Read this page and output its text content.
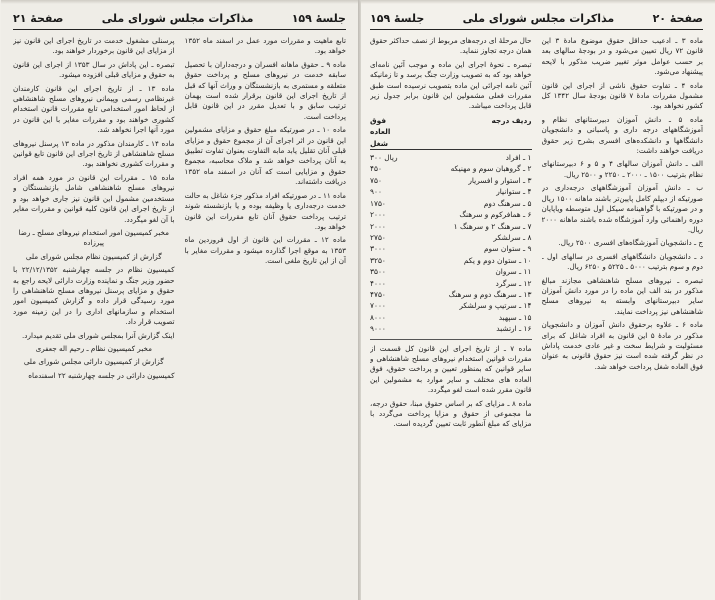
صفحهٔ ۲۰
مذاکرات مجلس شورای ملی
جلسهٔ ۱۵۹

ماده ۳ ـ ادعیب حداقل حقوق موضوع مادهٔ ۳ این قانون ۷۲ ریال تعیین می‌شود و در بودجهٔ سالهای بعد بر حسب عوامل موثر تغییر ضریب مذکور با لایحه پیشنهاد می‌شود.

ماده ۴ ـ تفاوت حقوق ناشی از اجرای این قانون مشمول مقررات مادهٔ ۷ قانون بودجهٔ سال ۱۳۴۲ کل کشور نخواهد بود.

ماده ۵ ـ دانش آموزان دبیرستانهای نظام و آموزشگاههای درجه داری و پاسبانی و دانشجویان دانشگاهها و دانشکده‌های افسری بشرح زیر حقوق دریافت خواهند داشت:

الف ـ دانش آموزان سالهای ۴ و ۵ و ۶ دبیرستانهای نظام بترتیب ۱۵۰۰ ـ ۲۰۰۰ ـ ۲۲۵۰ و ۲۵۰۰ ریال.

ب ـ دانش آموزان آموزشگاههای درجه‌داری در صورتیکه از دیپلم کامل پایین‌تر باشند ماهانه ۱۵۰۰ ریال و در صورتیکه با گواهینامه سیکل اول متوسطه ویاپایان دوره راهنمائی وارد آموزشگاه شده باشند ماهانه ۲۰۰۰ ریال.

ج ـ دانشجویان آموزشگاه‌های افسری ۲۵۰۰ ریال.

د ـ دانشجویان دانشگاههای افسری در سالهای اول ـ دوم و سوم بترتیب ۵۰۰۰ ـ ۵۲۲۵ و ۶۲۵۰ ریال.

تبصره ـ نیروهای مسلح شاهنشاهی مجازند مبالغ مذکور در بند الف این ماده را در مورد دانش آموزان سایر دبیرستانهای وابسته به نیروهای مسلح شاهنشاهی نیز پرداخت نمایند.

ماده ۶ ـ علاوه برحقوق دانش آموزان و دانشجویان مذکور در مادهٔ ۵ این قانون به افراد شاغل که برای مسئولیت و شرایط سخت و غیر عادی خدمت پاداش در نظر گرفته شده است نیز حقوق قانونی به عنوان فوق العاده شغل پرداخت خواهد شد.

حال مرحلهٔ ای درجه‌های مربوط از نصف حداکثر حقوق همان درجه تجاوز ننماید.

تبصره ـ نحوهٔ اجرای این ماده و موجب آئین نامه‌ای خواهد بود که به تصویب وزارت جنگ برسد و تا زمانیکه آئین نامه اجرائی این ماده بتصویب نرسیده است طبق مقررات فعلی مشمولین این قانون برابر جدول زیر قابل پرداخت میباشد.

ردیف درجه
فوق العاده شغل
۱ ـ افراد
۳۰۰ ریال
۲ ـ گروهبان سوم و مهنیکه
۴۵۰
۳ ـ استوار و افسریار
۷۵۰
۴ ـ ستوانیار
۹۰۰
۵ ـ سرهنگ دوم
۱۷۵۰
۶ ـ همافرکوم و سرهنگ
۲۰۰۰
۷ ـ سرهنگ ۲ و سرهنگ ۱
۲۰۰۰
۸ ـ سرلشکر
۲۷۵۰
۹ ـ ستوان سوم
۳۰۰۰
۱۰ ـ ستوان دوم و یکم
۳۲۵۰
۱۱ ـ سروان
۳۵۰۰
۱۲ ـ سرگرد
۴۰۰۰
۱۳ ـ سرهنگ دوم و سرهنگ
۴۷۵۰
۱۴ ـ سرتیپ و سرلشکر
۷۰۰۰
۱۵ ـ سپهبد
۸۰۰۰
۱۶ ـ ارتشبد
۹۰۰۰

ماده ۷ ـ از تاریخ اجرای این قانون کل قسمت از مقررات قوانین استخدام نیروهای مسلح شاهنشاهی و سایر قوانین که بمنظور تعیین و پرداخت حقوق، فوق العاده های مختلف و سایر موارد به مشمولین این قانون مقرر شده است لغو میگردد.

ماده ۸ ـ مزایای که بر اساس حقوق مبنا، حقوق درجه، ما مجموعی از حقوق و مزایا پرداخت می‌گردد با مزایای که مبلغ آنطور ثابت تعیین گردیده است.

جلسهٔ ۱۵۹
مذاکرات مجلس شورای ملی
صفحهٔ ۲۱

تابع ماهیت و مقررات مورد عمل در اسفند ماه ۱۳۵۲ خواهد بود.

ماده ۹ ـ حقوق ماهانه افسران و درجه‌داران با تحصیل سابقه خدمت در نیروهای مسلح و پرداخت حقوق متعلقه و مستمری به بازنشستگان و وراث آنها که قبل از تاریخ اجرای این قانون برقرار شده است بهمان ترتیب سابق و با تعدیل مقرر در این قانون قابل پرداخت است.

ماده ۱۰ ـ در صورتیکه مبلغ حقوق و مزایای مشمولین این قانون در اثر اجرای آن از مجموع حقوق و مزایای قبلی آنان تقلیل یابد مابه التفاوت بعنوان تفاوت تطبیق به آنان پرداخت خواهد شد و ملاک محاسبه، مجموع حقوق و مزایایی است که آنان در اسفند ماه ۱۳۵۲ دریافت داشته‌اند.

ماده ۱۱ ـ در صورتیکه افراد مذکور جزء شاغل به حالت خدمت درجه‌داری یا وظیفه بوده و یا بازنشسته شوند ترتیب پرداخت حقوق آنان تابع مقررات این قانون خواهد بود.

ماده ۱۲ ـ مقررات این قانون از اول فروردین ماه ۱۳۵۳ به موقع اجرا گذارده میشود و مقررات مغایر با آن از این تاریخ ملغی است.

پرسنلی مشغول خدمت در تاریخ اجرای این قانون نیز از مزایای این قانون برخوردار خواهند بود.

تبصره ـ این پاداش در سال ۱۳۵۳ از اجرای این قانون به حقوق و مزایای قبلی افزوده میشود.

ماده ۱۳ ـ از تاریخ اجرای این قانون کارمندان غیرنظامی رسمی وپیمانی نیروهای مسلح شاهنشاهی از لحاظ امور استخدامی تابع مقررات قانون استخدام کشوری خواهند بود و مقررات مغایر با این قانون در مورد آنها اجرا نخواهد شد.

ماده ۱۴ ـ کارمندان مذکور در ماده ۱۳ پرسنل نیروهای مسلح شاهنشاهی از تاریخ اجرای این قانون تابع قوانین و مقررات کشوری نخواهند بود.

ماده ۱۵ ـ مقررات این قانون در مورد همه افراد نیروهای مسلح شاهنشاهی شامل بازنشستگان و مستخدمین مشمول این قانون نیز جاری خواهد بود و از تاریخ اجرای این قانون کلیه قوانین و مقررات مغایر با آن لغو میگردد.

مخبر کمیسیون امور استخدام نیروهای مسلح ـ رضا پیرزاده

گزارش از کمیسیون نظام مجلس شورای ملی

کمیسیون نظام در جلسه چهارشنبه ۲۲/۱۲/۱۳۵۲ با حضور وزیر جنگ و نماینده وزارت دارائی لایحه راجع به حقوق و مزایای پرسنل نیروهای مسلح شاهنشاهی را مورد رسیدگی قرار داده و گزارش کمیسیون امور استخدام و سازمانهای اداری را در این زمینه مورد تصویب قرار داد.

اینک گزارش آنرا بمجلس شورای ملی تقدیم میدارد.

مخبر کمیسیون نظام ـ رحیم اله جعفری

گزارش از کمیسیون دارائی مجلس شورای ملی

کمیسیون دارائی در جلسه چهارشنبه ۲۲ اسفندماه
